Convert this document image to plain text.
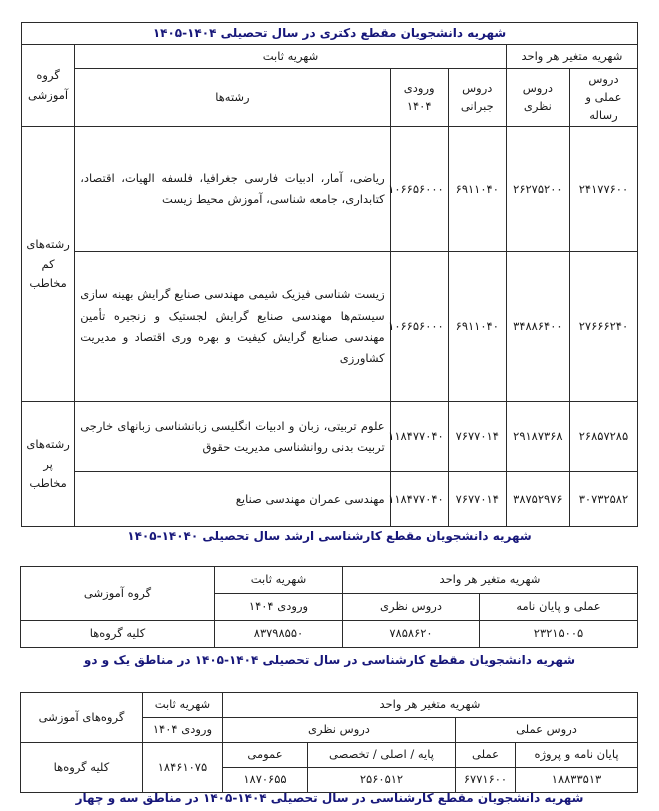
شهریه دانشجویان مقطع دکتری در سال تحصیلی ۱۴۰۴-۱۴۰۵					
شهریه متغیر هر واحد		شهریه ثابت			گروه آموزشی
دروس عملی و رساله	دروس نظری	دروس جبرانی	ورودی ۱۴۰۴	رشته‌ها	
۲۴۱۷۷۶۰۰	۲۶۲۷۵۲۰۰	۶۹۱۱۰۴۰	۱۰۶۶۵۶۰۰۰	ریاضی، آمار، ادبیات فارسی جغرافیا، فلسفه الهیات، اقتصاد، کتابداری، جامعه شناسی، آموزش محیط زیست	رشته‌های کم مخاطب
۲۷۶۶۶۲۴۰	۳۴۸۸۶۴۰۰	۶۹۱۱۰۴۰	۱۰۶۶۵۶۰۰۰	زیست شناسی فیزیک شیمی مهندسی صنایع گرایش بهینه سازی سیستم‌ها مهندسی صنایع گرایش لجستیک و زنجیره تأمین مهندسی صنایع گرایش کیفیت و بهره وری اقتصاد و مدیریت کشاورزی	
۲۶۸۵۷۲۸۵	۲۹۱۸۷۳۶۸	۷۶۷۷۰۱۴	۱۱۸۴۷۷۰۴۰	علوم تربیتی، زبان و ادبیات انگلیسی زبانشناسی زبانهای خارجی تربیت بدنی روانشناسی مدیریت حقوق	رشته‌های پر مخاطب
۳۰۷۳۲۵۸۲	۳۸۷۵۲۹۷۶	۷۶۷۷۰۱۴	۱۱۸۴۷۷۰۴۰	مهندسی عمران مهندسی صنایع	
شهریه دانشجویان مقطع کارشناسی ارشد سال تحصیلی ۱۴۰۴۰-۱۴۰۵
شهریه متغیر هر واحد		شهریه ثابت	گروه آموزشی
عملی و پایان نامه	دروس نظری	ورودی ۱۴۰۴	
۲۳۲۱۵۰۰۵	۷۸۵۸۶۲۰	۸۳۷۹۸۵۵۰	کلیه گروه‌ها
شهریه دانشجویان مقطع کارشناسی در سال تحصیلی ۱۴۰۴-۱۴۰۵ در مناطق یک و دو
شهریه متغیر هر واحد				شهریه ثابت	گروه‌های آموزشی
دروس عملی		دروس نظری		ورودی ۱۴۰۴	
پایان نامه و پروژه	عملی	پایه / اصلی / تخصصی	عمومی	۱۸۴۶۱۰۷۵	کلیه گروه‌ها
۱۸۸۳۳۵۱۳	۶۷۷۱۶۰۰	۲۵۶۰۵۱۲	۱۸۷۰۶۵۵		
شهریه دانشجویان مقطع کارشناسی در سال تحصیلی ۱۴۰۴-۱۴۰۵ در مناطق سه و چهار
